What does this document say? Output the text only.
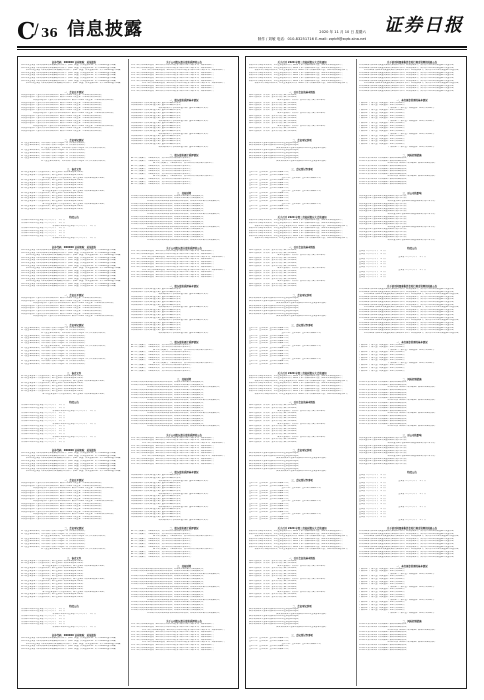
C
/ 36 信息披露	2020 年 11 月 10 日 星期六
制作 / 刘敏 电话：010-83251716 E-mail: zqrb9@zqrb.sina.net
证券日报
证券代码：000000 证券简称：某某股份
本公司及董事会全体成员保证信息披露的内容真实、准确、完整，没有虚假记载、误导性陈述或重大遗漏。
本公司及董事会全体成员保证信息披露的内容真实、准确、完整，没有虚假记载、误导性陈述或重大遗漏。
本公司及董事会全体成员保证信息披露的内容真实、准确、完整，没有虚假记载、误导性陈述或重大遗漏。
本公司及董事会全体成员保证信息披露的内容真实、准确、完整，没有虚假记载、误导性陈述或重大遗漏。
本公司及董事会全体成员保证信息披露的内容真实、准确、完整，没有虚假记载、误导性陈述或重大遗漏。
本公司及董事会全体成员保证信息披露的内容真实、准确、完整，没有虚假记载、误导性陈述或重大遗漏。
本公司及董事会全体成员保证信息披露的内容真实、准确、完整，没有虚假记载、误导性陈述或重大遗漏。
本公司及董事会全体成员保证信息披露的内容真实、准确、完整，没有虚假记载、误导性陈述或重大遗漏。
一、会议召开情况
本次会议通知已于会议召开前以书面及电子邮件方式送达全体董事、监事和高级管理人员。
本次会议通知已于会议召开前以书面及电子邮件方式送达全体董事、监事和高级管理人员。
本次会议通知已于会议召开前以书面及电子邮件方式送达全体董事、监事和高级管理人员。
本次会议通知已于会议召开前以书面及电子邮件方式送达全体董事、监事和高级管理人员。
本次会议通知已于会议召开前以书面及电子邮件方式送达全体董事、监事和高级管理人员。
本次会议通知已于会议召开前以书面及电子邮件方式送达全体董事、监事和高级管理人员。
本次会议通知已于会议召开前以书面及电子邮件方式送达全体董事、监事和高级管理人员。
本次会议通知已于会议召开前以书面及电子邮件方式送达全体董事、监事和高级管理人员。
本次会议通知已于会议召开前以书面及电子邮件方式送达全体董事、监事和高级管理人员。
本次会议通知已于会议召开前以书面及电子邮件方式送达全体董事、监事和高级管理人员。
本次会议通知已于会议召开前以书面及电子邮件方式送达全体董事、监事和高级管理人员。
本次会议通知已于会议召开前以书面及电子邮件方式送达全体董事、监事和高级管理人员。
本次会议通知已于会议召开前以书面及电子邮件方式送达全体董事、监事和高级管理人员。
本次会议通知已于会议召开前以书面及电子邮件方式送达全体董事、监事和高级管理人员。
本次会议通知已于会议召开前以书面及电子邮件方式送达全体董事、监事和高级管理人员。
二、会议审议情况
经与会董事认真审议，以记名投票表决方式通过了以下议案并形成决议。
经与会董事认真审议，以记名投票表决方式通过了以下议案并形成决议。
经与会董事认真审议，以记名投票表决方式通过了以下议案并形成决议。
经与会董事认真审议，以记名投票表决方式通过了以下议案并形成决议。
经与会董事认真审议，以记名投票表决方式通过了以下议案并形成决议。
经与会董事认真审议，以记名投票表决方式通过了以下议案并形成决议。
经与会董事认真审议，以记名投票表决方式通过了以下议案并形成决议。
经与会董事认真审议，以记名投票表决方式通过了以下议案并形成决议。
三、备查文件
第八届董事会第二十次会议决议；独立董事关于相关事项的独立意见。
第八届董事会第二十次会议决议；独立董事关于相关事项的独立意见。
第八届董事会第二十次会议决议；独立董事关于相关事项的独立意见。
第八届董事会第二十次会议决议；独立董事关于相关事项的独立意见。
第八届董事会第二十次会议决议；独立董事关于相关事项的独立意见。
第八届董事会第二十次会议决议；独立董事关于相关事项的独立意见。
第八届董事会第二十次会议决议；独立董事关于相关事项的独立意见。
第八届董事会第二十次会议决议；独立董事关于相关事项的独立意见。
第八届董事会第二十次会议决议；独立董事关于相关事项的独立意见。
第八届董事会第二十次会议决议；独立董事关于相关事项的独立意见。
第八届董事会第二十次会议决议；独立董事关于相关事项的独立意见。
第八届董事会第二十次会议决议；独立董事关于相关事项的独立意见。
第八届董事会第二十次会议决议；独立董事关于相关事项的独立意见。
第八届董事会第二十次会议决议；独立董事关于相关事项的独立意见。
第八届董事会第二十次会议决议；独立董事关于相关事项的独立意见。
特此公告
某某股份有限公司董事会 二〇二〇年十一月十日
某某股份有限公司董事会 二〇二〇年十一月十日
某某股份有限公司董事会 二〇二〇年十一月十日
某某股份有限公司董事会 二〇二〇年十一月十日
某某股份有限公司董事会 二〇二〇年十一月十日
某某股份有限公司董事会 二〇二〇年十一月十日
某某股份有限公司董事会 二〇二〇年十一月十日
某某股份有限公司董事会 二〇二〇年十一月十日
证券代码：000000 证券简称：某某股份
本公司及董事会全体成员保证信息披露的内容真实、准确、完整，没有虚假记载、误导性陈述或重大遗漏。
本公司及董事会全体成员保证信息披露的内容真实、准确、完整，没有虚假记载、误导性陈述或重大遗漏。
本公司及董事会全体成员保证信息披露的内容真实、准确、完整，没有虚假记载、误导性陈述或重大遗漏。
本公司及董事会全体成员保证信息披露的内容真实、准确、完整，没有虚假记载、误导性陈述或重大遗漏。
本公司及董事会全体成员保证信息披露的内容真实、准确、完整，没有虚假记载、误导性陈述或重大遗漏。
本公司及董事会全体成员保证信息披露的内容真实、准确、完整，没有虚假记载、误导性陈述或重大遗漏。
本公司及董事会全体成员保证信息披露的内容真实、准确、完整，没有虚假记载、误导性陈述或重大遗漏。
本公司及董事会全体成员保证信息披露的内容真实、准确、完整，没有虚假记载、误导性陈述或重大遗漏。
本公司及董事会全体成员保证信息披露的内容真实、准确、完整，没有虚假记载、误导性陈述或重大遗漏。
本公司及董事会全体成员保证信息披露的内容真实、准确、完整，没有虚假记载、误导性陈述或重大遗漏。
本公司及董事会全体成员保证信息披露的内容真实、准确、完整，没有虚假记载、误导性陈述或重大遗漏。
本公司及董事会全体成员保证信息披露的内容真实、准确、完整，没有虚假记载、误导性陈述或重大遗漏。
本公司及董事会全体成员保证信息披露的内容真实、准确、完整，没有虚假记载、误导性陈述或重大遗漏。
本公司及董事会全体成员保证信息披露的内容真实、准确、完整，没有虚假记载、误导性陈述或重大遗漏。
本公司及董事会全体成员保证信息披露的内容真实、准确、完整，没有虚假记载、误导性陈述或重大遗漏。
一、会议召开情况
本次会议通知已于会议召开前以书面及电子邮件方式送达全体董事、监事和高级管理人员。
本次会议通知已于会议召开前以书面及电子邮件方式送达全体董事、监事和高级管理人员。
本次会议通知已于会议召开前以书面及电子邮件方式送达全体董事、监事和高级管理人员。
本次会议通知已于会议召开前以书面及电子邮件方式送达全体董事、监事和高级管理人员。
本次会议通知已于会议召开前以书面及电子邮件方式送达全体董事、监事和高级管理人员。
本次会议通知已于会议召开前以书面及电子邮件方式送达全体董事、监事和高级管理人员。
本次会议通知已于会议召开前以书面及电子邮件方式送达全体董事、监事和高级管理人员。
本次会议通知已于会议召开前以书面及电子邮件方式送达全体董事、监事和高级管理人员。
二、会议审议情况
经与会董事认真审议，以记名投票表决方式通过了以下议案并形成决议。
经与会董事认真审议，以记名投票表决方式通过了以下议案并形成决议。
经与会董事认真审议，以记名投票表决方式通过了以下议案并形成决议。
经与会董事认真审议，以记名投票表决方式通过了以下议案并形成决议。
经与会董事认真审议，以记名投票表决方式通过了以下议案并形成决议。
经与会董事认真审议，以记名投票表决方式通过了以下议案并形成决议。
经与会董事认真审议，以记名投票表决方式通过了以下议案并形成决议。
经与会董事认真审议，以记名投票表决方式通过了以下议案并形成决议。
经与会董事认真审议，以记名投票表决方式通过了以下议案并形成决议。
经与会董事认真审议，以记名投票表决方式通过了以下议案并形成决议。
经与会董事认真审议，以记名投票表决方式通过了以下议案并形成决议。
经与会董事认真审议，以记名投票表决方式通过了以下议案并形成决议。
经与会董事认真审议，以记名投票表决方式通过了以下议案并形成决议。
经与会董事认真审议，以记名投票表决方式通过了以下议案并形成决议。
经与会董事认真审议，以记名投票表决方式通过了以下议案并形成决议。
三、备查文件
第八届董事会第二十次会议决议；独立董事关于相关事项的独立意见。
第八届董事会第二十次会议决议；独立董事关于相关事项的独立意见。
第八届董事会第二十次会议决议；独立董事关于相关事项的独立意见。
第八届董事会第二十次会议决议；独立董事关于相关事项的独立意见。
第八届董事会第二十次会议决议；独立董事关于相关事项的独立意见。
第八届董事会第二十次会议决议；独立董事关于相关事项的独立意见。
第八届董事会第二十次会议决议；独立董事关于相关事项的独立意见。
第八届董事会第二十次会议决议；独立董事关于相关事项的独立意见。
特此公告
某某股份有限公司董事会 二〇二〇年十一月十日
某某股份有限公司董事会 二〇二〇年十一月十日
某某股份有限公司董事会 二〇二〇年十一月十日
某某股份有限公司董事会 二〇二〇年十一月十日
某某股份有限公司董事会 二〇二〇年十一月十日
某某股份有限公司董事会 二〇二〇年十一月十日
某某股份有限公司董事会 二〇二〇年十一月十日
某某股份有限公司董事会 二〇二〇年十一月十日
某某股份有限公司董事会 二〇二〇年十一月十日
某某股份有限公司董事会 二〇二〇年十一月十日
某某股份有限公司董事会 二〇二〇年十一月十日
某某股份有限公司董事会 二〇二〇年十一月十日
某某股份有限公司董事会 二〇二〇年十一月十日
某某股份有限公司董事会 二〇二〇年十一月十日
某某股份有限公司董事会 二〇二〇年十一月十日
证券代码：000000 证券简称：某某股份
本公司及董事会全体成员保证信息披露的内容真实、准确、完整，没有虚假记载、误导性陈述或重大遗漏。
本公司及董事会全体成员保证信息披露的内容真实、准确、完整，没有虚假记载、误导性陈述或重大遗漏。
本公司及董事会全体成员保证信息披露的内容真实、准确、完整，没有虚假记载、误导性陈述或重大遗漏。
本公司及董事会全体成员保证信息披露的内容真实、准确、完整，没有虚假记载、误导性陈述或重大遗漏。
本公司及董事会全体成员保证信息披露的内容真实、准确、完整，没有虚假记载、误导性陈述或重大遗漏。
本公司及董事会全体成员保证信息披露的内容真实、准确、完整，没有虚假记载、误导性陈述或重大遗漏。
本公司及董事会全体成员保证信息披露的内容真实、准确、完整，没有虚假记载、误导性陈述或重大遗漏。
本公司及董事会全体成员保证信息披露的内容真实、准确、完整，没有虚假记载、误导性陈述或重大遗漏。
一、会议召开情况
本次会议通知已于会议召开前以书面及电子邮件方式送达全体董事、监事和高级管理人员。
本次会议通知已于会议召开前以书面及电子邮件方式送达全体董事、监事和高级管理人员。
本次会议通知已于会议召开前以书面及电子邮件方式送达全体董事、监事和高级管理人员。
本次会议通知已于会议召开前以书面及电子邮件方式送达全体董事、监事和高级管理人员。
本次会议通知已于会议召开前以书面及电子邮件方式送达全体董事、监事和高级管理人员。
本次会议通知已于会议召开前以书面及电子邮件方式送达全体董事、监事和高级管理人员。
本次会议通知已于会议召开前以书面及电子邮件方式送达全体董事、监事和高级管理人员。
本次会议通知已于会议召开前以书面及电子邮件方式送达全体董事、监事和高级管理人员。
本次会议通知已于会议召开前以书面及电子邮件方式送达全体董事、监事和高级管理人员。
本次会议通知已于会议召开前以书面及电子邮件方式送达全体董事、监事和高级管理人员。
本次会议通知已于会议召开前以书面及电子邮件方式送达全体董事、监事和高级管理人员。
本次会议通知已于会议召开前以书面及电子邮件方式送达全体董事、监事和高级管理人员。
本次会议通知已于会议召开前以书面及电子邮件方式送达全体董事、监事和高级管理人员。
本次会议通知已于会议召开前以书面及电子邮件方式送达全体董事、监事和高级管理人员。
本次会议通知已于会议召开前以书面及电子邮件方式送达全体董事、监事和高级管理人员。
二、会议审议情况
经与会董事认真审议，以记名投票表决方式通过了以下议案并形成决议。
经与会董事认真审议，以记名投票表决方式通过了以下议案并形成决议。
经与会董事认真审议，以记名投票表决方式通过了以下议案并形成决议。
经与会董事认真审议，以记名投票表决方式通过了以下议案并形成决议。
经与会董事认真审议，以记名投票表决方式通过了以下议案并形成决议。
经与会董事认真审议，以记名投票表决方式通过了以下议案并形成决议。
经与会董事认真审议，以记名投票表决方式通过了以下议案并形成决议。
经与会董事认真审议，以记名投票表决方式通过了以下议案并形成决议。
三、备查文件
第八届董事会第二十次会议决议；独立董事关于相关事项的独立意见。
第八届董事会第二十次会议决议；独立董事关于相关事项的独立意见。
第八届董事会第二十次会议决议；独立董事关于相关事项的独立意见。
第八届董事会第二十次会议决议；独立董事关于相关事项的独立意见。
第八届董事会第二十次会议决议；独立董事关于相关事项的独立意见。
第八届董事会第二十次会议决议；独立董事关于相关事项的独立意见。
第八届董事会第二十次会议决议；独立董事关于相关事项的独立意见。
第八届董事会第二十次会议决议；独立董事关于相关事项的独立意见。
第八届董事会第二十次会议决议；独立董事关于相关事项的独立意见。
第八届董事会第二十次会议决议；独立董事关于相关事项的独立意见。
第八届董事会第二十次会议决议；独立董事关于相关事项的独立意见。
第八届董事会第二十次会议决议；独立董事关于相关事项的独立意见。
第八届董事会第二十次会议决议；独立董事关于相关事项的独立意见。
第八届董事会第二十次会议决议；独立董事关于相关事项的独立意见。
第八届董事会第二十次会议决议；独立董事关于相关事项的独立意见。
特此公告
某某股份有限公司董事会 二〇二〇年十一月十日
某某股份有限公司董事会 二〇二〇年十一月十日
某某股份有限公司董事会 二〇二〇年十一月十日
某某股份有限公司董事会 二〇二〇年十一月十日
某某股份有限公司董事会 二〇二〇年十一月十日
某某股份有限公司董事会 二〇二〇年十一月十日
某某股份有限公司董事会 二〇二〇年十一月十日
某某股份有限公司董事会 二〇二〇年十一月十日
证券代码：000000 证券简称：某某股份
本公司及董事会全体成员保证信息披露的内容真实、准确、完整，没有虚假记载、误导性陈述或重大遗漏。
本公司及董事会全体成员保证信息披露的内容真实、准确、完整，没有虚假记载、误导性陈述或重大遗漏。
本公司及董事会全体成员保证信息披露的内容真实、准确、完整，没有虚假记载、误导性陈述或重大遗漏。
本公司及董事会全体成员保证信息披露的内容真实、准确、完整，没有虚假记载、误导性陈述或重大遗漏。
本公司及董事会全体成员保证信息披露的内容真实、准确、完整，没有虚假记载、误导性陈述或重大遗漏。
关于公司股东部分股份质押的公告
公司于近日接到股东通知，获悉其所持有本公司的部分股份办理了质押业务，具体事项如下。
公司于近日接到股东通知，获悉其所持有本公司的部分股份办理了质押业务，具体事项如下。
公司于近日接到股东通知，获悉其所持有本公司的部分股份办理了质押业务，具体事项如下。
公司于近日接到股东通知，获悉其所持有本公司的部分股份办理了质押业务，具体事项如下。
公司于近日接到股东通知，获悉其所持有本公司的部分股份办理了质押业务，具体事项如下。
公司于近日接到股东通知，获悉其所持有本公司的部分股份办理了质押业务，具体事项如下。
公司于近日接到股东通知，获悉其所持有本公司的部分股份办理了质押业务，具体事项如下。
公司于近日接到股东通知，获悉其所持有本公司的部分股份办理了质押业务，具体事项如下。
公司于近日接到股东通知，获悉其所持有本公司的部分股份办理了质押业务，具体事项如下。
公司于近日接到股东通知，获悉其所持有本公司的部分股份办理了质押业务，具体事项如下。
公司于近日接到股东通知，获悉其所持有本公司的部分股份办理了质押业务，具体事项如下。
一、股东股份质押基本情况
本次质押股份不涉及负担重大资产重组等业绩补偿义务。
本次质押股份不涉及负担重大资产重组等业绩补偿义务。
本次质押股份不涉及负担重大资产重组等业绩补偿义务。
本次质押股份不涉及负担重大资产重组等业绩补偿义务。
本次质押股份不涉及负担重大资产重组等业绩补偿义务。
本次质押股份不涉及负担重大资产重组等业绩补偿义务。
本次质押股份不涉及负担重大资产重组等业绩补偿义务。
本次质押股份不涉及负担重大资产重组等业绩补偿义务。
本次质押股份不涉及负担重大资产重组等业绩补偿义务。
本次质押股份不涉及负担重大资产重组等业绩补偿义务。
本次质押股份不涉及负担重大资产重组等业绩补偿义务。
本次质押股份不涉及负担重大资产重组等业绩补偿义务。
本次质押股份不涉及负担重大资产重组等业绩补偿义务。
本次质押股份不涉及负担重大资产重组等业绩补偿义务。
本次质押股份不涉及负担重大资产重组等业绩补偿义务。
本次质押股份不涉及负担重大资产重组等业绩补偿义务。
本次质押股份不涉及负担重大资产重组等业绩补偿义务。
本次质押股份不涉及负担重大资产重组等业绩补偿义务。
二、股东股份累计质押情况
截至公告披露日，上述股东及其一致行动人所持质押股份情况如下。
截至公告披露日，上述股东及其一致行动人所持质押股份情况如下。
截至公告披露日，上述股东及其一致行动人所持质押股份情况如下。
截至公告披露日，上述股东及其一致行动人所持质押股份情况如下。
截至公告披露日，上述股东及其一致行动人所持质押股份情况如下。
截至公告披露日，上述股东及其一致行动人所持质押股份情况如下。
截至公告披露日，上述股东及其一致行动人所持质押股份情况如下。
截至公告披露日，上述股东及其一致行动人所持质押股份情况如下。
截至公告披露日，上述股东及其一致行动人所持质押股份情况如下。
截至公告披露日，上述股东及其一致行动人所持质押股份情况如下。
截至公告披露日，上述股东及其一致行动人所持质押股份情况如下。
三、其他说明
公司将持续关注股东质押情况及质押风险情况，并按规定及时履行信息披露义务。
公司将持续关注股东质押情况及质押风险情况，并按规定及时履行信息披露义务。
公司将持续关注股东质押情况及质押风险情况，并按规定及时履行信息披露义务。
公司将持续关注股东质押情况及质押风险情况，并按规定及时履行信息披露义务。
公司将持续关注股东质押情况及质押风险情况，并按规定及时履行信息披露义务。
公司将持续关注股东质押情况及质押风险情况，并按规定及时履行信息披露义务。
公司将持续关注股东质押情况及质押风险情况，并按规定及时履行信息披露义务。
公司将持续关注股东质押情况及质押风险情况，并按规定及时履行信息披露义务。
公司将持续关注股东质押情况及质押风险情况，并按规定及时履行信息披露义务。
公司将持续关注股东质押情况及质押风险情况，并按规定及时履行信息披露义务。
公司将持续关注股东质押情况及质押风险情况，并按规定及时履行信息披露义务。
公司将持续关注股东质押情况及质押风险情况，并按规定及时履行信息披露义务。
公司将持续关注股东质押情况及质押风险情况，并按规定及时履行信息披露义务。
公司将持续关注股东质押情况及质押风险情况，并按规定及时履行信息披露义务。
公司将持续关注股东质押情况及质押风险情况，并按规定及时履行信息披露义务。
公司将持续关注股东质押情况及质押风险情况，并按规定及时履行信息披露义务。
公司将持续关注股东质押情况及质押风险情况，并按规定及时履行信息披露义务。
公司将持续关注股东质押情况及质押风险情况，并按规定及时履行信息披露义务。
关于公司股东部分股份质押的公告
公司于近日接到股东通知，获悉其所持有本公司的部分股份办理了质押业务，具体事项如下。
公司于近日接到股东通知，获悉其所持有本公司的部分股份办理了质押业务，具体事项如下。
公司于近日接到股东通知，获悉其所持有本公司的部分股份办理了质押业务，具体事项如下。
公司于近日接到股东通知，获悉其所持有本公司的部分股份办理了质押业务，具体事项如下。
公司于近日接到股东通知，获悉其所持有本公司的部分股份办理了质押业务，具体事项如下。
公司于近日接到股东通知，获悉其所持有本公司的部分股份办理了质押业务，具体事项如下。
公司于近日接到股东通知，获悉其所持有本公司的部分股份办理了质押业务，具体事项如下。
公司于近日接到股东通知，获悉其所持有本公司的部分股份办理了质押业务，具体事项如下。
公司于近日接到股东通知，获悉其所持有本公司的部分股份办理了质押业务，具体事项如下。
公司于近日接到股东通知，获悉其所持有本公司的部分股份办理了质押业务，具体事项如下。
公司于近日接到股东通知，获悉其所持有本公司的部分股份办理了质押业务，具体事项如下。
一、股东股份质押基本情况
本次质押股份不涉及负担重大资产重组等业绩补偿义务。
本次质押股份不涉及负担重大资产重组等业绩补偿义务。
本次质押股份不涉及负担重大资产重组等业绩补偿义务。
本次质押股份不涉及负担重大资产重组等业绩补偿义务。
本次质押股份不涉及负担重大资产重组等业绩补偿义务。
本次质押股份不涉及负担重大资产重组等业绩补偿义务。
本次质押股份不涉及负担重大资产重组等业绩补偿义务。
本次质押股份不涉及负担重大资产重组等业绩补偿义务。
本次质押股份不涉及负担重大资产重组等业绩补偿义务。
本次质押股份不涉及负担重大资产重组等业绩补偿义务。
本次质押股份不涉及负担重大资产重组等业绩补偿义务。
本次质押股份不涉及负担重大资产重组等业绩补偿义务。
本次质押股份不涉及负担重大资产重组等业绩补偿义务。
本次质押股份不涉及负担重大资产重组等业绩补偿义务。
本次质押股份不涉及负担重大资产重组等业绩补偿义务。
本次质押股份不涉及负担重大资产重组等业绩补偿义务。
本次质押股份不涉及负担重大资产重组等业绩补偿义务。
本次质押股份不涉及负担重大资产重组等业绩补偿义务。
二、股东股份累计质押情况
截至公告披露日，上述股东及其一致行动人所持质押股份情况如下。
截至公告披露日，上述股东及其一致行动人所持质押股份情况如下。
截至公告披露日，上述股东及其一致行动人所持质押股份情况如下。
截至公告披露日，上述股东及其一致行动人所持质押股份情况如下。
截至公告披露日，上述股东及其一致行动人所持质押股份情况如下。
截至公告披露日，上述股东及其一致行动人所持质押股份情况如下。
截至公告披露日，上述股东及其一致行动人所持质押股份情况如下。
截至公告披露日，上述股东及其一致行动人所持质押股份情况如下。
截至公告披露日，上述股东及其一致行动人所持质押股份情况如下。
截至公告披露日，上述股东及其一致行动人所持质押股份情况如下。
截至公告披露日，上述股东及其一致行动人所持质押股份情况如下。
三、其他说明
公司将持续关注股东质押情况及质押风险情况，并按规定及时履行信息披露义务。
公司将持续关注股东质押情况及质押风险情况，并按规定及时履行信息披露义务。
公司将持续关注股东质押情况及质押风险情况，并按规定及时履行信息披露义务。
公司将持续关注股东质押情况及质押风险情况，并按规定及时履行信息披露义务。
公司将持续关注股东质押情况及质押风险情况，并按规定及时履行信息披露义务。
公司将持续关注股东质押情况及质押风险情况，并按规定及时履行信息披露义务。
公司将持续关注股东质押情况及质押风险情况，并按规定及时履行信息披露义务。
公司将持续关注股东质押情况及质押风险情况，并按规定及时履行信息披露义务。
公司将持续关注股东质押情况及质押风险情况，并按规定及时履行信息披露义务。
公司将持续关注股东质押情况及质押风险情况，并按规定及时履行信息披露义务。
公司将持续关注股东质押情况及质押风险情况，并按规定及时履行信息披露义务。
公司将持续关注股东质押情况及质押风险情况，并按规定及时履行信息披露义务。
公司将持续关注股东质押情况及质押风险情况，并按规定及时履行信息披露义务。
公司将持续关注股东质押情况及质押风险情况，并按规定及时履行信息披露义务。
公司将持续关注股东质押情况及质押风险情况，并按规定及时履行信息披露义务。
公司将持续关注股东质押情况及质押风险情况，并按规定及时履行信息披露义务。
公司将持续关注股东质押情况及质押风险情况，并按规定及时履行信息披露义务。
公司将持续关注股东质押情况及质押风险情况，并按规定及时履行信息披露义务。
关于公司股东部分股份质押的公告
公司于近日接到股东通知，获悉其所持有本公司的部分股份办理了质押业务，具体事项如下。
公司于近日接到股东通知，获悉其所持有本公司的部分股份办理了质押业务，具体事项如下。
公司于近日接到股东通知，获悉其所持有本公司的部分股份办理了质押业务，具体事项如下。
公司于近日接到股东通知，获悉其所持有本公司的部分股份办理了质押业务，具体事项如下。
公司于近日接到股东通知，获悉其所持有本公司的部分股份办理了质押业务，具体事项如下。
公司于近日接到股东通知，获悉其所持有本公司的部分股份办理了质押业务，具体事项如下。
公司于近日接到股东通知，获悉其所持有本公司的部分股份办理了质押业务，具体事项如下。
公司于近日接到股东通知，获悉其所持有本公司的部分股份办理了质押业务，具体事项如下。
公司于近日接到股东通知，获悉其所持有本公司的部分股份办理了质押业务，具体事项如下。
公司于近日接到股东通知，获悉其所持有本公司的部分股份办理了质押业务，具体事项如下。
公司于近日接到股东通知，获悉其所持有本公司的部分股份办理了质押业务，具体事项如下。
一、股东股份质押基本情况
本次质押股份不涉及负担重大资产重组等业绩补偿义务。
本次质押股份不涉及负担重大资产重组等业绩补偿义务。
本次质押股份不涉及负担重大资产重组等业绩补偿义务。
本次质押股份不涉及负担重大资产重组等业绩补偿义务。
本次质押股份不涉及负担重大资产重组等业绩补偿义务。
本次质押股份不涉及负担重大资产重组等业绩补偿义务。
本次质押股份不涉及负担重大资产重组等业绩补偿义务。
本次质押股份不涉及负担重大资产重组等业绩补偿义务。
本次质押股份不涉及负担重大资产重组等业绩补偿义务。
本次质押股份不涉及负担重大资产重组等业绩补偿义务。
本次质押股份不涉及负担重大资产重组等业绩补偿义务。
本次质押股份不涉及负担重大资产重组等业绩补偿义务。
本次质押股份不涉及负担重大资产重组等业绩补偿义务。
本次质押股份不涉及负担重大资产重组等业绩补偿义务。
本次质押股份不涉及负担重大资产重组等业绩补偿义务。
本次质押股份不涉及负担重大资产重组等业绩补偿义务。
本次质押股份不涉及负担重大资产重组等业绩补偿义务。
本次质押股份不涉及负担重大资产重组等业绩补偿义务。
二、股东股份累计质押情况
截至公告披露日，上述股东及其一致行动人所持质押股份情况如下。
截至公告披露日，上述股东及其一致行动人所持质押股份情况如下。
截至公告披露日，上述股东及其一致行动人所持质押股份情况如下。
截至公告披露日，上述股东及其一致行动人所持质押股份情况如下。
截至公告披露日，上述股东及其一致行动人所持质押股份情况如下。
截至公告披露日，上述股东及其一致行动人所持质押股份情况如下。
截至公告披露日，上述股东及其一致行动人所持质押股份情况如下。
截至公告披露日，上述股东及其一致行动人所持质押股份情况如下。
截至公告披露日，上述股东及其一致行动人所持质押股份情况如下。
截至公告披露日，上述股东及其一致行动人所持质押股份情况如下。
截至公告披露日，上述股东及其一致行动人所持质押股份情况如下。
三、其他说明
公司将持续关注股东质押情况及质押风险情况，并按规定及时履行信息披露义务。
公司将持续关注股东质押情况及质押风险情况，并按规定及时履行信息披露义务。
公司将持续关注股东质押情况及质押风险情况，并按规定及时履行信息披露义务。
公司将持续关注股东质押情况及质押风险情况，并按规定及时履行信息披露义务。
公司将持续关注股东质押情况及质押风险情况，并按规定及时履行信息披露义务。
公司将持续关注股东质押情况及质押风险情况，并按规定及时履行信息披露义务。
公司将持续关注股东质押情况及质押风险情况，并按规定及时履行信息披露义务。
公司将持续关注股东质押情况及质押风险情况，并按规定及时履行信息披露义务。
公司将持续关注股东质押情况及质押风险情况，并按规定及时履行信息披露义务。
公司将持续关注股东质押情况及质押风险情况，并按规定及时履行信息披露义务。
公司将持续关注股东质押情况及质押风险情况，并按规定及时履行信息披露义务。
公司将持续关注股东质押情况及质押风险情况，并按规定及时履行信息披露义务。
公司将持续关注股东质押情况及质押风险情况，并按规定及时履行信息披露义务。
公司将持续关注股东质押情况及质押风险情况，并按规定及时履行信息披露义务。
公司将持续关注股东质押情况及质押风险情况，并按规定及时履行信息披露义务。
公司将持续关注股东质押情况及质押风险情况，并按规定及时履行信息披露义务。
公司将持续关注股东质押情况及质押风险情况，并按规定及时履行信息披露义务。
公司将持续关注股东质押情况及质押风险情况，并按规定及时履行信息披露义务。
关于公司股东部分股份质押的公告
公司于近日接到股东通知，获悉其所持有本公司的部分股份办理了质押业务，具体事项如下。
公司于近日接到股东通知，获悉其所持有本公司的部分股份办理了质押业务，具体事项如下。
公司于近日接到股东通知，获悉其所持有本公司的部分股份办理了质押业务，具体事项如下。
公司于近日接到股东通知，获悉其所持有本公司的部分股份办理了质押业务，具体事项如下。
公司于近日接到股东通知，获悉其所持有本公司的部分股份办理了质押业务，具体事项如下。
公司于近日接到股东通知，获悉其所持有本公司的部分股份办理了质押业务，具体事项如下。
公司于近日接到股东通知，获悉其所持有本公司的部分股份办理了质押业务，具体事项如下。
公司于近日接到股东通知，获悉其所持有本公司的部分股份办理了质押业务，具体事项如下。
公司于近日接到股东通知，获悉其所持有本公司的部分股份办理了质押业务，具体事项如下。
公司于近日接到股东通知，获悉其所持有本公司的部分股份办理了质押业务，具体事项如下。
公司于近日接到股东通知，获悉其所持有本公司的部分股份办理了质押业务，具体事项如下。
关于召开 2020 年第三次临时股东大会的通知
根据公司章程的有关规定，公司董事会决定召开 2020 年第三次临时股东大会，现将有关事项通知如下。
根据公司章程的有关规定，公司董事会决定召开 2020 年第三次临时股东大会，现将有关事项通知如下。
根据公司章程的有关规定，公司董事会决定召开 2020 年第三次临时股东大会，现将有关事项通知如下。
根据公司章程的有关规定，公司董事会决定召开 2020 年第三次临时股东大会，现将有关事项通知如下。
根据公司章程的有关规定，公司董事会决定召开 2020 年第三次临时股东大会，现将有关事项通知如下。
根据公司章程的有关规定，公司董事会决定召开 2020 年第三次临时股东大会，现将有关事项通知如下。
根据公司章程的有关规定，公司董事会决定召开 2020 年第三次临时股东大会，现将有关事项通知如下。
根据公司章程的有关规定，公司董事会决定召开 2020 年第三次临时股东大会，现将有关事项通知如下。
一、召开会议的基本情况
股东大会届次、召集人、会议召开的合法合规性说明。
股东大会届次、召集人、会议召开的合法合规性说明。
股东大会届次、召集人、会议召开的合法合规性说明。
股东大会届次、召集人、会议召开的合法合规性说明。
股东大会届次、召集人、会议召开的合法合规性说明。
股东大会届次、召集人、会议召开的合法合规性说明。
股东大会届次、召集人、会议召开的合法合规性说明。
股东大会届次、召集人、会议召开的合法合规性说明。
股东大会届次、召集人、会议召开的合法合规性说明。
股东大会届次、召集人、会议召开的合法合规性说明。
股东大会届次、召集人、会议召开的合法合规性说明。
股东大会届次、召集人、会议召开的合法合规性说明。
股东大会届次、召集人、会议召开的合法合规性说明。
股东大会届次、召集人、会议召开的合法合规性说明。
股东大会届次、召集人、会议召开的合法合规性说明。
二、会议审议事项
提交本次股东大会审议的提案已经公司董事会审议通过。
提交本次股东大会审议的提案已经公司董事会审议通过。
提交本次股东大会审议的提案已经公司董事会审议通过。
提交本次股东大会审议的提案已经公司董事会审议通过。
提交本次股东大会审议的提案已经公司董事会审议通过。
提交本次股东大会审议的提案已经公司董事会审议通过。
提交本次股东大会审议的提案已经公司董事会审议通过。
提交本次股东大会审议的提案已经公司董事会审议通过。
三、会议登记等事项
登记方式、登记时间、登记地点及联系方式。
登记方式、登记时间、登记地点及联系方式。
登记方式、登记时间、登记地点及联系方式。
登记方式、登记时间、登记地点及联系方式。
登记方式、登记时间、登记地点及联系方式。
登记方式、登记时间、登记地点及联系方式。
登记方式、登记时间、登记地点及联系方式。
登记方式、登记时间、登记地点及联系方式。
登记方式、登记时间、登记地点及联系方式。
登记方式、登记时间、登记地点及联系方式。
登记方式、登记时间、登记地点及联系方式。
登记方式、登记时间、登记地点及联系方式。
登记方式、登记时间、登记地点及联系方式。
登记方式、登记时间、登记地点及联系方式。
登记方式、登记时间、登记地点及联系方式。
关于召开 2020 年第三次临时股东大会的通知
根据公司章程的有关规定，公司董事会决定召开 2020 年第三次临时股东大会，现将有关事项通知如下。
根据公司章程的有关规定，公司董事会决定召开 2020 年第三次临时股东大会，现将有关事项通知如下。
根据公司章程的有关规定，公司董事会决定召开 2020 年第三次临时股东大会，现将有关事项通知如下。
根据公司章程的有关规定，公司董事会决定召开 2020 年第三次临时股东大会，现将有关事项通知如下。
根据公司章程的有关规定，公司董事会决定召开 2020 年第三次临时股东大会，现将有关事项通知如下。
根据公司章程的有关规定，公司董事会决定召开 2020 年第三次临时股东大会，现将有关事项通知如下。
根据公司章程的有关规定，公司董事会决定召开 2020 年第三次临时股东大会，现将有关事项通知如下。
根据公司章程的有关规定，公司董事会决定召开 2020 年第三次临时股东大会，现将有关事项通知如下。
一、召开会议的基本情况
股东大会届次、召集人、会议召开的合法合规性说明。
股东大会届次、召集人、会议召开的合法合规性说明。
股东大会届次、召集人、会议召开的合法合规性说明。
股东大会届次、召集人、会议召开的合法合规性说明。
股东大会届次、召集人、会议召开的合法合规性说明。
股东大会届次、召集人、会议召开的合法合规性说明。
股东大会届次、召集人、会议召开的合法合规性说明。
股东大会届次、召集人、会议召开的合法合规性说明。
股东大会届次、召集人、会议召开的合法合规性说明。
股东大会届次、召集人、会议召开的合法合规性说明。
股东大会届次、召集人、会议召开的合法合规性说明。
股东大会届次、召集人、会议召开的合法合规性说明。
股东大会届次、召集人、会议召开的合法合规性说明。
股东大会届次、召集人、会议召开的合法合规性说明。
股东大会届次、召集人、会议召开的合法合规性说明。
二、会议审议事项
提交本次股东大会审议的提案已经公司董事会审议通过。
提交本次股东大会审议的提案已经公司董事会审议通过。
提交本次股东大会审议的提案已经公司董事会审议通过。
提交本次股东大会审议的提案已经公司董事会审议通过。
提交本次股东大会审议的提案已经公司董事会审议通过。
提交本次股东大会审议的提案已经公司董事会审议通过。
提交本次股东大会审议的提案已经公司董事会审议通过。
提交本次股东大会审议的提案已经公司董事会审议通过。
三、会议登记等事项
登记方式、登记时间、登记地点及联系方式。
登记方式、登记时间、登记地点及联系方式。
登记方式、登记时间、登记地点及联系方式。
登记方式、登记时间、登记地点及联系方式。
登记方式、登记时间、登记地点及联系方式。
登记方式、登记时间、登记地点及联系方式。
登记方式、登记时间、登记地点及联系方式。
登记方式、登记时间、登记地点及联系方式。
登记方式、登记时间、登记地点及联系方式。
登记方式、登记时间、登记地点及联系方式。
登记方式、登记时间、登记地点及联系方式。
登记方式、登记时间、登记地点及联系方式。
登记方式、登记时间、登记地点及联系方式。
登记方式、登记时间、登记地点及联系方式。
登记方式、登记时间、登记地点及联系方式。
关于召开 2020 年第三次临时股东大会的通知
根据公司章程的有关规定，公司董事会决定召开 2020 年第三次临时股东大会，现将有关事项通知如下。
根据公司章程的有关规定，公司董事会决定召开 2020 年第三次临时股东大会，现将有关事项通知如下。
根据公司章程的有关规定，公司董事会决定召开 2020 年第三次临时股东大会，现将有关事项通知如下。
根据公司章程的有关规定，公司董事会决定召开 2020 年第三次临时股东大会，现将有关事项通知如下。
根据公司章程的有关规定，公司董事会决定召开 2020 年第三次临时股东大会，现将有关事项通知如下。
根据公司章程的有关规定，公司董事会决定召开 2020 年第三次临时股东大会，现将有关事项通知如下。
根据公司章程的有关规定，公司董事会决定召开 2020 年第三次临时股东大会，现将有关事项通知如下。
根据公司章程的有关规定，公司董事会决定召开 2020 年第三次临时股东大会，现将有关事项通知如下。
一、召开会议的基本情况
股东大会届次、召集人、会议召开的合法合规性说明。
股东大会届次、召集人、会议召开的合法合规性说明。
股东大会届次、召集人、会议召开的合法合规性说明。
股东大会届次、召集人、会议召开的合法合规性说明。
股东大会届次、召集人、会议召开的合法合规性说明。
股东大会届次、召集人、会议召开的合法合规性说明。
股东大会届次、召集人、会议召开的合法合规性说明。
股东大会届次、召集人、会议召开的合法合规性说明。
股东大会届次、召集人、会议召开的合法合规性说明。
股东大会届次、召集人、会议召开的合法合规性说明。
股东大会届次、召集人、会议召开的合法合规性说明。
股东大会届次、召集人、会议召开的合法合规性说明。
股东大会届次、召集人、会议召开的合法合规性说明。
股东大会届次、召集人、会议召开的合法合规性说明。
股东大会届次、召集人、会议召开的合法合规性说明。
二、会议审议事项
提交本次股东大会审议的提案已经公司董事会审议通过。
提交本次股东大会审议的提案已经公司董事会审议通过。
提交本次股东大会审议的提案已经公司董事会审议通过。
提交本次股东大会审议的提案已经公司董事会审议通过。
提交本次股东大会审议的提案已经公司董事会审议通过。
提交本次股东大会审议的提案已经公司董事会审议通过。
提交本次股东大会审议的提案已经公司董事会审议通过。
提交本次股东大会审议的提案已经公司董事会审议通过。
三、会议登记等事项
登记方式、登记时间、登记地点及联系方式。
登记方式、登记时间、登记地点及联系方式。
登记方式、登记时间、登记地点及联系方式。
登记方式、登记时间、登记地点及联系方式。
登记方式、登记时间、登记地点及联系方式。
登记方式、登记时间、登记地点及联系方式。
登记方式、登记时间、登记地点及联系方式。
登记方式、登记时间、登记地点及联系方式。
登记方式、登记时间、登记地点及联系方式。
登记方式、登记时间、登记地点及联系方式。
登记方式、登记时间、登记地点及联系方式。
登记方式、登记时间、登记地点及联系方式。
登记方式、登记时间、登记地点及联系方式。
登记方式、登记时间、登记地点及联系方式。
登记方式、登记时间、登记地点及联系方式。
关于召开 2020 年第三次临时股东大会的通知
根据公司章程的有关规定，公司董事会决定召开 2020 年第三次临时股东大会，现将有关事项通知如下。
根据公司章程的有关规定，公司董事会决定召开 2020 年第三次临时股东大会，现将有关事项通知如下。
根据公司章程的有关规定，公司董事会决定召开 2020 年第三次临时股东大会，现将有关事项通知如下。
根据公司章程的有关规定，公司董事会决定召开 2020 年第三次临时股东大会，现将有关事项通知如下。
根据公司章程的有关规定，公司董事会决定召开 2020 年第三次临时股东大会，现将有关事项通知如下。
根据公司章程的有关规定，公司董事会决定召开 2020 年第三次临时股东大会，现将有关事项通知如下。
根据公司章程的有关规定，公司董事会决定召开 2020 年第三次临时股东大会，现将有关事项通知如下。
根据公司章程的有关规定，公司董事会决定召开 2020 年第三次临时股东大会，现将有关事项通知如下。
一、召开会议的基本情况
股东大会届次、召集人、会议召开的合法合规性说明。
股东大会届次、召集人、会议召开的合法合规性说明。
股东大会届次、召集人、会议召开的合法合规性说明。
股东大会届次、召集人、会议召开的合法合规性说明。
股东大会届次、召集人、会议召开的合法合规性说明。
股东大会届次、召集人、会议召开的合法合规性说明。
股东大会届次、召集人、会议召开的合法合规性说明。
股东大会届次、召集人、会议召开的合法合规性说明。
股东大会届次、召集人、会议召开的合法合规性说明。
股东大会届次、召集人、会议召开的合法合规性说明。
股东大会届次、召集人、会议召开的合法合规性说明。
股东大会届次、召集人、会议召开的合法合规性说明。
股东大会届次、召集人、会议召开的合法合规性说明。
股东大会届次、召集人、会议召开的合法合规性说明。
股东大会届次、召集人、会议召开的合法合规性说明。
二、会议审议事项
提交本次股东大会审议的提案已经公司董事会审议通过。
提交本次股东大会审议的提案已经公司董事会审议通过。
提交本次股东大会审议的提案已经公司董事会审议通过。
提交本次股东大会审议的提案已经公司董事会审议通过。
提交本次股东大会审议的提案已经公司董事会审议通过。
提交本次股东大会审议的提案已经公司董事会审议通过。
提交本次股东大会审议的提案已经公司董事会审议通过。
提交本次股东大会审议的提案已经公司董事会审议通过。
三、会议登记等事项
登记方式、登记时间、登记地点及联系方式。
登记方式、登记时间、登记地点及联系方式。
登记方式、登记时间、登记地点及联系方式。
登记方式、登记时间、登记地点及联系方式。
登记方式、登记时间、登记地点及联系方式。
关于使用闲置募集资金进行现金管理的进展公告
公司在确保不影响募集资金投资项目建设和正常生产经营的前提下，使用部分闲置募集资金进行现金管理。
公司在确保不影响募集资金投资项目建设和正常生产经营的前提下，使用部分闲置募集资金进行现金管理。
公司在确保不影响募集资金投资项目建设和正常生产经营的前提下，使用部分闲置募集资金进行现金管理。
公司在确保不影响募集资金投资项目建设和正常生产经营的前提下，使用部分闲置募集资金进行现金管理。
公司在确保不影响募集资金投资项目建设和正常生产经营的前提下，使用部分闲置募集资金进行现金管理。
公司在确保不影响募集资金投资项目建设和正常生产经营的前提下，使用部分闲置募集资金进行现金管理。
公司在确保不影响募集资金投资项目建设和正常生产经营的前提下，使用部分闲置募集资金进行现金管理。
公司在确保不影响募集资金投资项目建设和正常生产经营的前提下，使用部分闲置募集资金进行现金管理。
公司在确保不影响募集资金投资项目建设和正常生产经营的前提下，使用部分闲置募集资金进行现金管理。
公司在确保不影响募集资金投资项目建设和正常生产经营的前提下，使用部分闲置募集资金进行现金管理。
公司在确保不影响募集资金投资项目建设和正常生产经营的前提下，使用部分闲置募集资金进行现金管理。
一、本次现金管理的基本情况
产品名称、产品类型、投资金额、起息日及到期日。
产品名称、产品类型、投资金额、起息日及到期日。
产品名称、产品类型、投资金额、起息日及到期日。
产品名称、产品类型、投资金额、起息日及到期日。
产品名称、产品类型、投资金额、起息日及到期日。
产品名称、产品类型、投资金额、起息日及到期日。
产品名称、产品类型、投资金额、起息日及到期日。
产品名称、产品类型、投资金额、起息日及到期日。
产品名称、产品类型、投资金额、起息日及到期日。
产品名称、产品类型、投资金额、起息日及到期日。
产品名称、产品类型、投资金额、起息日及到期日。
产品名称、产品类型、投资金额、起息日及到期日。
产品名称、产品类型、投资金额、起息日及到期日。
产品名称、产品类型、投资金额、起息日及到期日。
产品名称、产品类型、投资金额、起息日及到期日。
产品名称、产品类型、投资金额、起息日及到期日。
产品名称、产品类型、投资金额、起息日及到期日。
产品名称、产品类型、投资金额、起息日及到期日。
二、风险控制措施
公司财务部门将及时分析和跟踪产品投向及进展情况。
公司财务部门将及时分析和跟踪产品投向及进展情况。
公司财务部门将及时分析和跟踪产品投向及进展情况。
公司财务部门将及时分析和跟踪产品投向及进展情况。
公司财务部门将及时分析和跟踪产品投向及进展情况。
公司财务部门将及时分析和跟踪产品投向及进展情况。
公司财务部门将及时分析和跟踪产品投向及进展情况。
公司财务部门将及时分析和跟踪产品投向及进展情况。
公司财务部门将及时分析和跟踪产品投向及进展情况。
公司财务部门将及时分析和跟踪产品投向及进展情况。
公司财务部门将及时分析和跟踪产品投向及进展情况。
三、对公司的影响
本次现金管理不会影响募集资金投资项目的正常开展。
本次现金管理不会影响募集资金投资项目的正常开展。
本次现金管理不会影响募集资金投资项目的正常开展。
本次现金管理不会影响募集资金投资项目的正常开展。
本次现金管理不会影响募集资金投资项目的正常开展。
本次现金管理不会影响募集资金投资项目的正常开展。
本次现金管理不会影响募集资金投资项目的正常开展。
本次现金管理不会影响募集资金投资项目的正常开展。
本次现金管理不会影响募集资金投资项目的正常开展。
本次现金管理不会影响募集资金投资项目的正常开展。
本次现金管理不会影响募集资金投资项目的正常开展。
本次现金管理不会影响募集资金投资项目的正常开展。
本次现金管理不会影响募集资金投资项目的正常开展。
本次现金管理不会影响募集资金投资项目的正常开展。
本次现金管理不会影响募集资金投资项目的正常开展。
本次现金管理不会影响募集资金投资项目的正常开展。
本次现金管理不会影响募集资金投资项目的正常开展。
本次现金管理不会影响募集资金投资项目的正常开展。
特此公告
董事会 二〇二〇年十一月十日
董事会 二〇二〇年十一月十日
董事会 二〇二〇年十一月十日
董事会 二〇二〇年十一月十日
董事会 二〇二〇年十一月十日
董事会 二〇二〇年十一月十日
董事会 二〇二〇年十一月十日
董事会 二〇二〇年十一月十日
董事会 二〇二〇年十一月十日
董事会 二〇二〇年十一月十日
董事会 二〇二〇年十一月十日
关于使用闲置募集资金进行现金管理的进展公告
公司在确保不影响募集资金投资项目建设和正常生产经营的前提下，使用部分闲置募集资金进行现金管理。
公司在确保不影响募集资金投资项目建设和正常生产经营的前提下，使用部分闲置募集资金进行现金管理。
公司在确保不影响募集资金投资项目建设和正常生产经营的前提下，使用部分闲置募集资金进行现金管理。
公司在确保不影响募集资金投资项目建设和正常生产经营的前提下，使用部分闲置募集资金进行现金管理。
公司在确保不影响募集资金投资项目建设和正常生产经营的前提下，使用部分闲置募集资金进行现金管理。
公司在确保不影响募集资金投资项目建设和正常生产经营的前提下，使用部分闲置募集资金进行现金管理。
公司在确保不影响募集资金投资项目建设和正常生产经营的前提下，使用部分闲置募集资金进行现金管理。
公司在确保不影响募集资金投资项目建设和正常生产经营的前提下，使用部分闲置募集资金进行现金管理。
公司在确保不影响募集资金投资项目建设和正常生产经营的前提下，使用部分闲置募集资金进行现金管理。
公司在确保不影响募集资金投资项目建设和正常生产经营的前提下，使用部分闲置募集资金进行现金管理。
公司在确保不影响募集资金投资项目建设和正常生产经营的前提下，使用部分闲置募集资金进行现金管理。
公司在确保不影响募集资金投资项目建设和正常生产经营的前提下，使用部分闲置募集资金进行现金管理。
公司在确保不影响募集资金投资项目建设和正常生产经营的前提下，使用部分闲置募集资金进行现金管理。
公司在确保不影响募集资金投资项目建设和正常生产经营的前提下，使用部分闲置募集资金进行现金管理。
公司在确保不影响募集资金投资项目建设和正常生产经营的前提下，使用部分闲置募集资金进行现金管理。
公司在确保不影响募集资金投资项目建设和正常生产经营的前提下，使用部分闲置募集资金进行现金管理。
公司在确保不影响募集资金投资项目建设和正常生产经营的前提下，使用部分闲置募集资金进行现金管理。
公司在确保不影响募集资金投资项目建设和正常生产经营的前提下，使用部分闲置募集资金进行现金管理。
一、本次现金管理的基本情况
产品名称、产品类型、投资金额、起息日及到期日。
产品名称、产品类型、投资金额、起息日及到期日。
产品名称、产品类型、投资金额、起息日及到期日。
产品名称、产品类型、投资金额、起息日及到期日。
产品名称、产品类型、投资金额、起息日及到期日。
产品名称、产品类型、投资金额、起息日及到期日。
产品名称、产品类型、投资金额、起息日及到期日。
产品名称、产品类型、投资金额、起息日及到期日。
产品名称、产品类型、投资金额、起息日及到期日。
产品名称、产品类型、投资金额、起息日及到期日。
产品名称、产品类型、投资金额、起息日及到期日。
二、风险控制措施
公司财务部门将及时分析和跟踪产品投向及进展情况。
公司财务部门将及时分析和跟踪产品投向及进展情况。
公司财务部门将及时分析和跟踪产品投向及进展情况。
公司财务部门将及时分析和跟踪产品投向及进展情况。
公司财务部门将及时分析和跟踪产品投向及进展情况。
公司财务部门将及时分析和跟踪产品投向及进展情况。
公司财务部门将及时分析和跟踪产品投向及进展情况。
公司财务部门将及时分析和跟踪产品投向及进展情况。
公司财务部门将及时分析和跟踪产品投向及进展情况。
公司财务部门将及时分析和跟踪产品投向及进展情况。
公司财务部门将及时分析和跟踪产品投向及进展情况。
公司财务部门将及时分析和跟踪产品投向及进展情况。
公司财务部门将及时分析和跟踪产品投向及进展情况。
公司财务部门将及时分析和跟踪产品投向及进展情况。
公司财务部门将及时分析和跟踪产品投向及进展情况。
公司财务部门将及时分析和跟踪产品投向及进展情况。
公司财务部门将及时分析和跟踪产品投向及进展情况。
公司财务部门将及时分析和跟踪产品投向及进展情况。
三、对公司的影响
本次现金管理不会影响募集资金投资项目的正常开展。
本次现金管理不会影响募集资金投资项目的正常开展。
本次现金管理不会影响募集资金投资项目的正常开展。
本次现金管理不会影响募集资金投资项目的正常开展。
本次现金管理不会影响募集资金投资项目的正常开展。
本次现金管理不会影响募集资金投资项目的正常开展。
本次现金管理不会影响募集资金投资项目的正常开展。
本次现金管理不会影响募集资金投资项目的正常开展。
本次现金管理不会影响募集资金投资项目的正常开展。
本次现金管理不会影响募集资金投资项目的正常开展。
本次现金管理不会影响募集资金投资项目的正常开展。
特此公告
董事会 二〇二〇年十一月十日
董事会 二〇二〇年十一月十日
董事会 二〇二〇年十一月十日
董事会 二〇二〇年十一月十日
董事会 二〇二〇年十一月十日
董事会 二〇二〇年十一月十日
董事会 二〇二〇年十一月十日
董事会 二〇二〇年十一月十日
董事会 二〇二〇年十一月十日
董事会 二〇二〇年十一月十日
董事会 二〇二〇年十一月十日
董事会 二〇二〇年十一月十日
董事会 二〇二〇年十一月十日
董事会 二〇二〇年十一月十日
董事会 二〇二〇年十一月十日
董事会 二〇二〇年十一月十日
董事会 二〇二〇年十一月十日
董事会 二〇二〇年十一月十日
关于使用闲置募集资金进行现金管理的进展公告
公司在确保不影响募集资金投资项目建设和正常生产经营的前提下，使用部分闲置募集资金进行现金管理。
公司在确保不影响募集资金投资项目建设和正常生产经营的前提下，使用部分闲置募集资金进行现金管理。
公司在确保不影响募集资金投资项目建设和正常生产经营的前提下，使用部分闲置募集资金进行现金管理。
公司在确保不影响募集资金投资项目建设和正常生产经营的前提下，使用部分闲置募集资金进行现金管理。
公司在确保不影响募集资金投资项目建设和正常生产经营的前提下，使用部分闲置募集资金进行现金管理。
公司在确保不影响募集资金投资项目建设和正常生产经营的前提下，使用部分闲置募集资金进行现金管理。
公司在确保不影响募集资金投资项目建设和正常生产经营的前提下，使用部分闲置募集资金进行现金管理。
公司在确保不影响募集资金投资项目建设和正常生产经营的前提下，使用部分闲置募集资金进行现金管理。
公司在确保不影响募集资金投资项目建设和正常生产经营的前提下，使用部分闲置募集资金进行现金管理。
公司在确保不影响募集资金投资项目建设和正常生产经营的前提下，使用部分闲置募集资金进行现金管理。
公司在确保不影响募集资金投资项目建设和正常生产经营的前提下，使用部分闲置募集资金进行现金管理。
一、本次现金管理的基本情况
产品名称、产品类型、投资金额、起息日及到期日。
产品名称、产品类型、投资金额、起息日及到期日。
产品名称、产品类型、投资金额、起息日及到期日。
产品名称、产品类型、投资金额、起息日及到期日。
产品名称、产品类型、投资金额、起息日及到期日。
产品名称、产品类型、投资金额、起息日及到期日。
产品名称、产品类型、投资金额、起息日及到期日。
产品名称、产品类型、投资金额、起息日及到期日。
产品名称、产品类型、投资金额、起息日及到期日。
产品名称、产品类型、投资金额、起息日及到期日。
产品名称、产品类型、投资金额、起息日及到期日。
产品名称、产品类型、投资金额、起息日及到期日。
产品名称、产品类型、投资金额、起息日及到期日。
产品名称、产品类型、投资金额、起息日及到期日。
产品名称、产品类型、投资金额、起息日及到期日。
产品名称、产品类型、投资金额、起息日及到期日。
产品名称、产品类型、投资金额、起息日及到期日。
产品名称、产品类型、投资金额、起息日及到期日。
二、风险控制措施
公司财务部门将及时分析和跟踪产品投向及进展情况。
公司财务部门将及时分析和跟踪产品投向及进展情况。
公司财务部门将及时分析和跟踪产品投向及进展情况。
公司财务部门将及时分析和跟踪产品投向及进展情况。
公司财务部门将及时分析和跟踪产品投向及进展情况。
公司财务部门将及时分析和跟踪产品投向及进展情况。
公司财务部门将及时分析和跟踪产品投向及进展情况。
公司财务部门将及时分析和跟踪产品投向及进展情况。
公司财务部门将及时分析和跟踪产品投向及进展情况。
公司财务部门将及时分析和跟踪产品投向及进展情况。
公司财务部门将及时分析和跟踪产品投向及进展情况。
